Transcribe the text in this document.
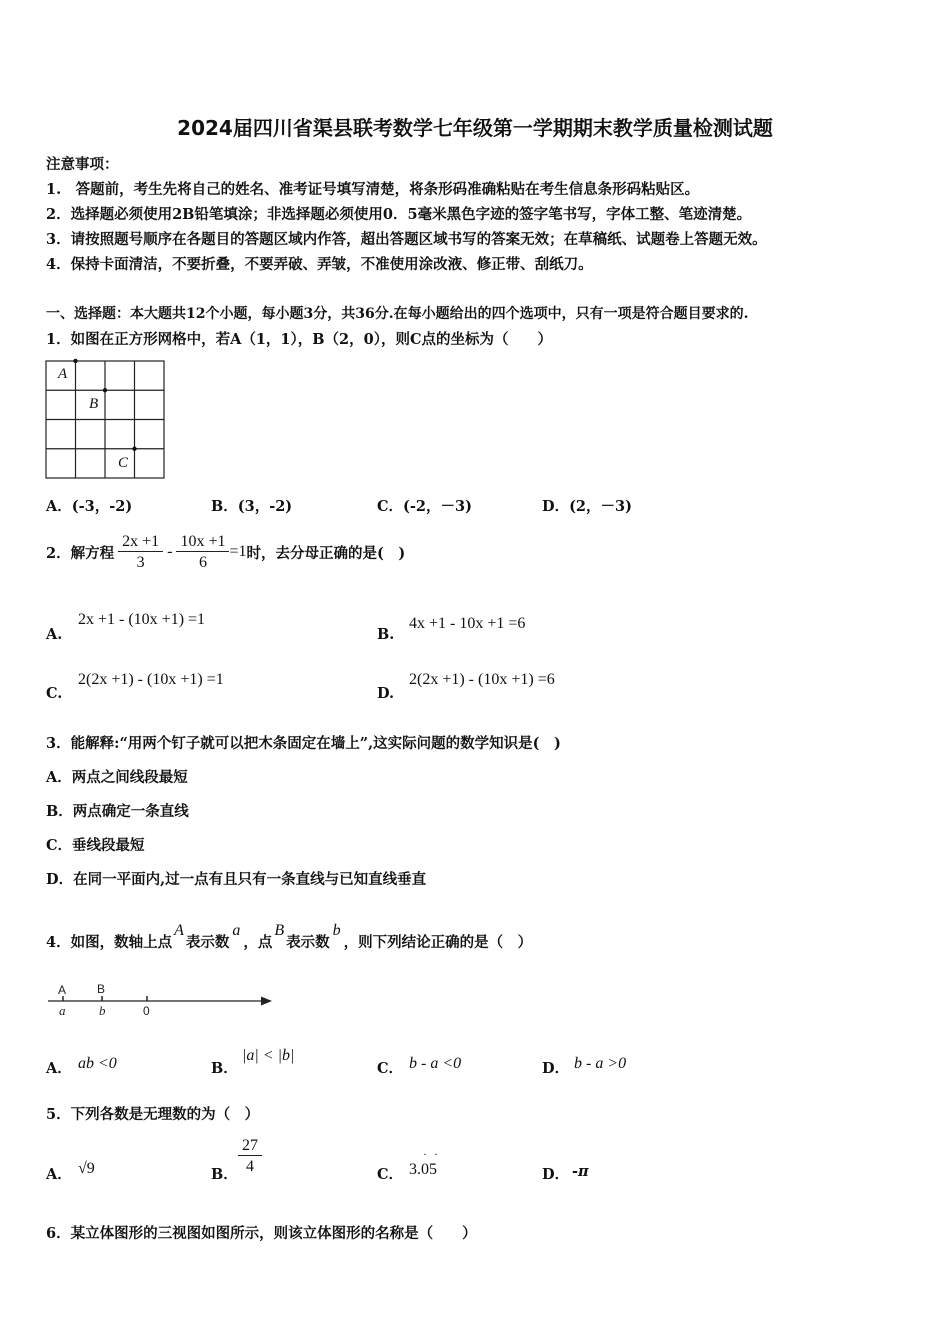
2024届四川省渠县联考数学七年级第一学期期末教学质量检测试题
注意事项：
1.　答题前，考生先将自己的姓名、准考证号填写清楚，将条形码准确粘贴在考生信息条形码粘贴区。
2．选择题必须使用2B铅笔填涂；非选择题必须使用0．5毫米黑色字迹的签字笔书写，字体工整、笔迹清楚。
3．请按照题号顺序在各题目的答题区域内作答，超出答题区域书写的答案无效；在草稿纸、试题卷上答题无效。
4．保持卡面清洁，不要折叠，不要弄破、弄皱，不准使用涂改液、修正带、刮纸刀。
一、选择题：本大题共12个小题，每小题3分，共36分.在每小题给出的四个选项中，只有一项是符合题目要求的.
1．如图在正方形网格中，若A（1，1），B（2，0），则C点的坐标为（　　）
A
B
C
A．(-3，-2)	B．(3，-2)	C．(-2，－3)	D．(2，－3)
2．解方程 $\frac{2x +1}{3} - \frac{10x +1}{6} =1$ 时，去分母正确的是(　)
A.
2x +1 - (10x +1) =1
B.
4x +1 - 10x +1 =6
C.
2(2x +1) - (10x +1) =1
D.
2(2x +1) - (10x +1) =6
3．能解释:“用两个钉子就可以把木条固定在墙上”,这实际问题的数学知识是(　)
A．两点之间线段最短
B．两点确定一条直线
C．垂线段最短
D．在同一平面内,过一点有且只有一条直线与已知直线垂直
4．如图，数轴上点
A
表示数
a
，点
B
表示数
b
，则下列结论正确的是（　）
A	B
a	b	0
A． ab <0	B．
|a| < |b|
C． b - a <0	D． b - a >0
5．下列各数是无理数的为（　）
A． √9	B． $\frac{27}{4}$	C．
· ·
3.05	D． -π
6．某立体图形的三视图如图所示，则该立体图形的名称是（　　）
